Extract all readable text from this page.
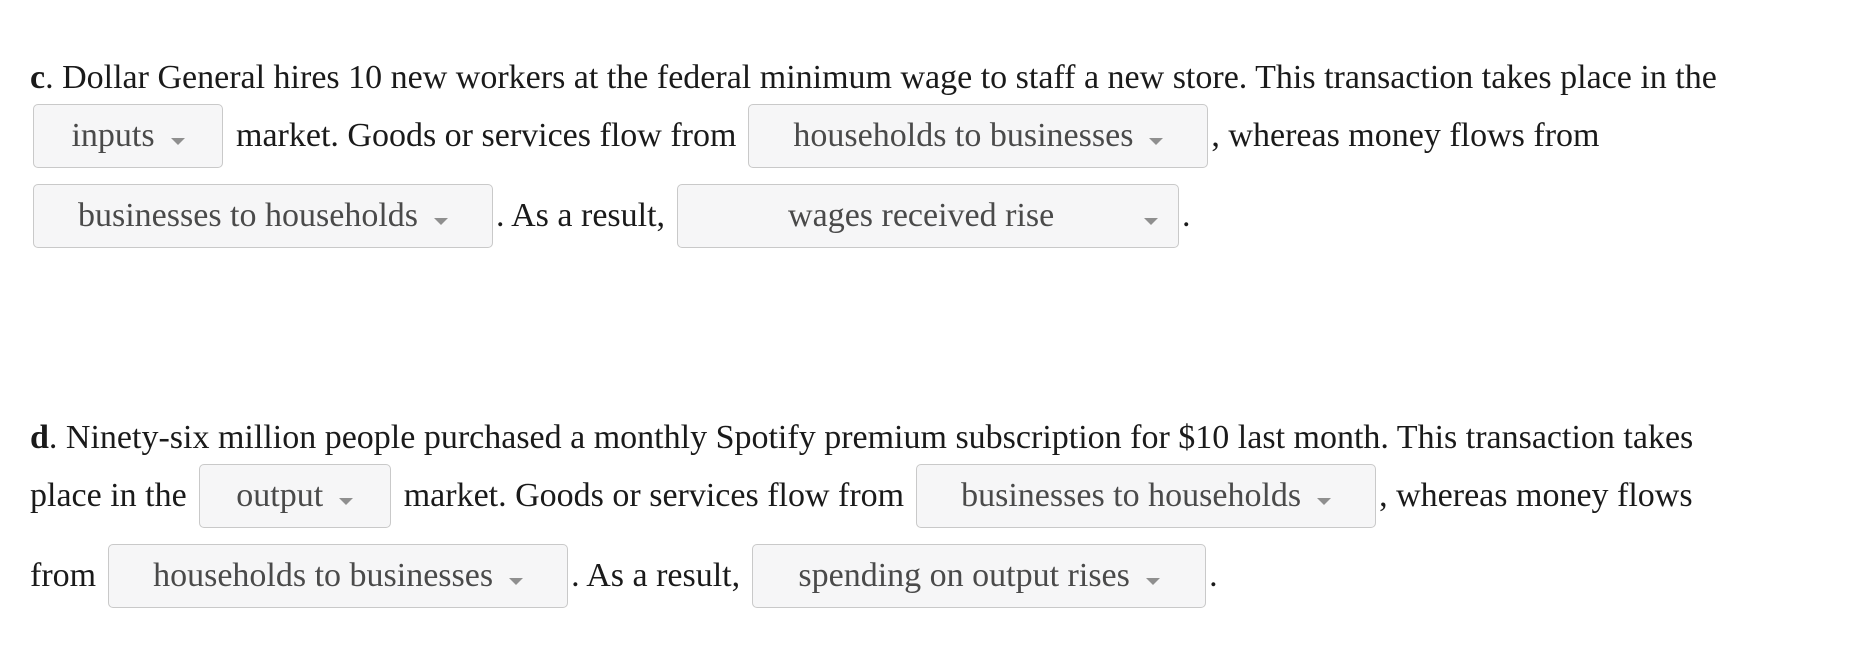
c . Dollar General hires 10 new workers at the federal minimum wage to staff a new store. This transaction takes place in the
inputs market. Goods or services flow from households to businesses , whereas money flows from
businesses to households . As a result,	wages received rise	.
d . Ninety-six million people purchased a monthly Spotify premium subscription for $10 last month. This transaction takes
place in the output market. Goods or services flow from businesses to households , whereas money flows
from households to businesses . As a result, spending on output rises .
